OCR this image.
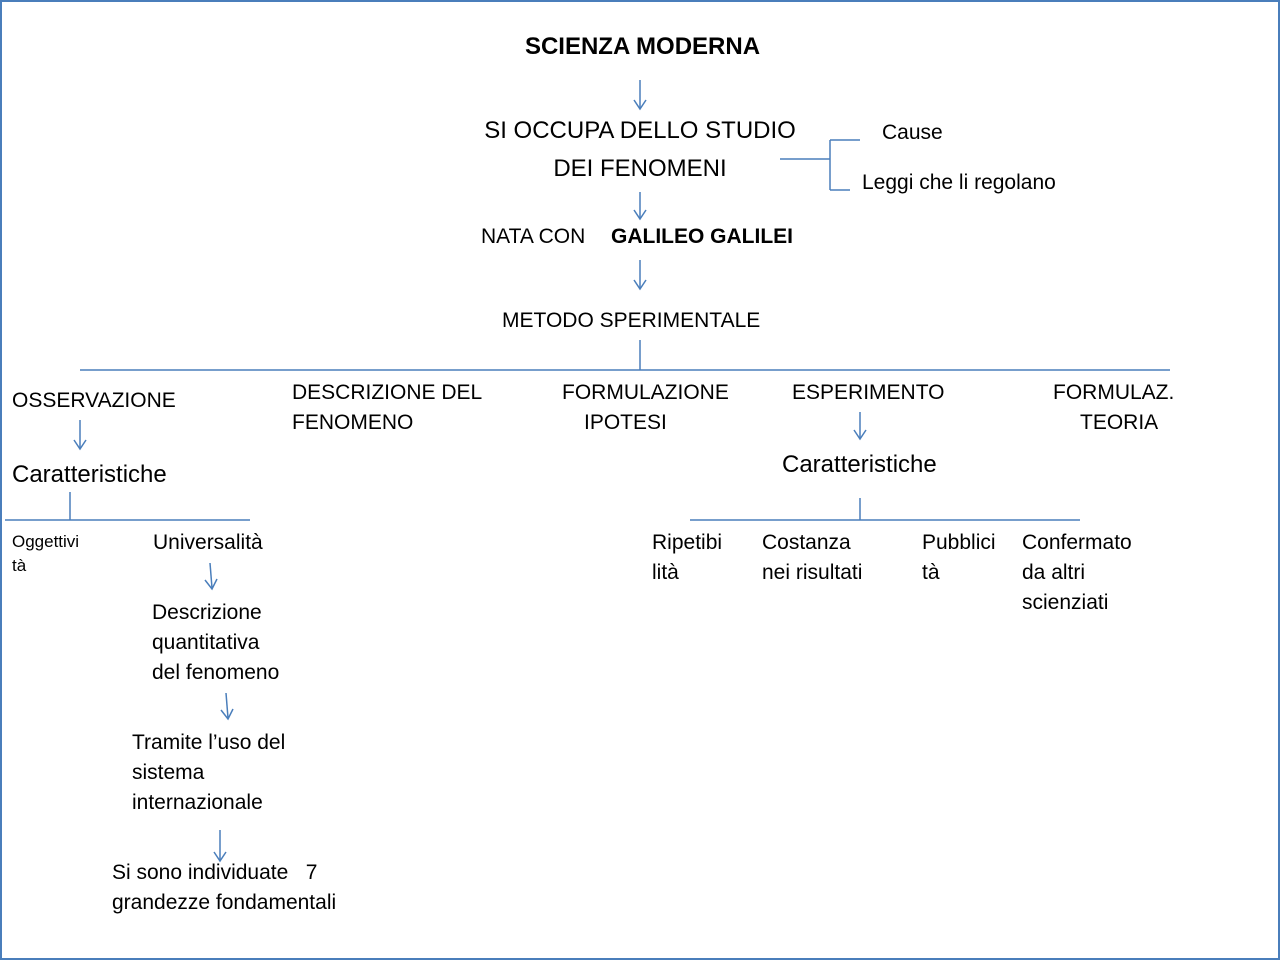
SCIENZA MODERNA
SI OCCUPA DELLO STUDIO
DEI FENOMENI
Cause
Leggi che li regolano
NATA CON GALILEO GALILEI
METODO SPERIMENTALE
OSSERVAZIONE	DESCRIZIONE DEL
FENOMENO
FORMULAZIONE
IPOTESI
ESPERIMENTO	FORMULAZ.
TEORIA
Caratteristiche
Oggettivi
tà
Universalità
Descrizione
quantitativa
del fenomeno
Tramite l’uso del
sistema
internazionale
Si sono individuate   7
grandezze fondamentali
Caratteristiche
Ripetibi
lità
Costanza
nei risultati
Pubblici
tà
Confermato
da altri
scienziati
